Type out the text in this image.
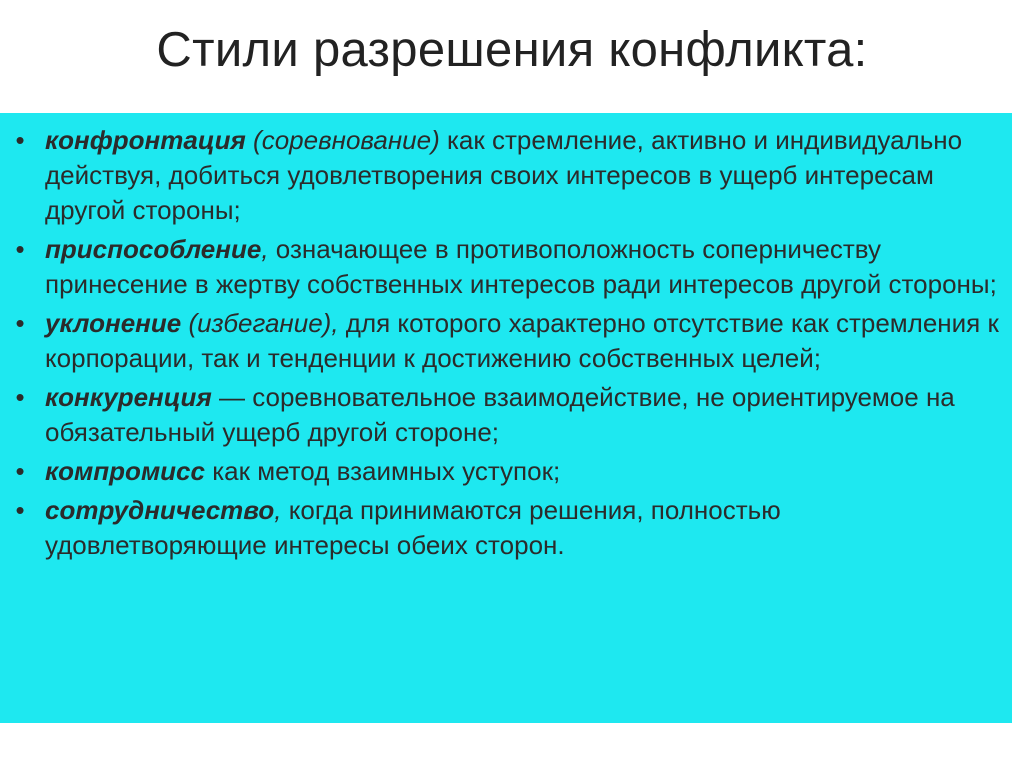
Стили разрешения конфликта:
• конфронтация (соревнование) как стремление, активно и индивидуально действуя, добиться удовлетворения своих интересов в ущерб интересам другой стороны;
• приспособление, означающее в противоположность соперничеству принесение в жертву собственных интересов ради интересов другой стороны;
• уклонение (избегание), для которого характерно отсутствие как стремления к корпорации, так и тенденции к достижению собственных целей;
• конкуренция — соревновательное взаимодействие, не ориентируемое на обязательный ущерб другой стороне;
• компромисс как метод взаимных уступок;
• сотрудничество, когда принимаются решения, полностью удовлетворяющие интересы обеих сторон.
